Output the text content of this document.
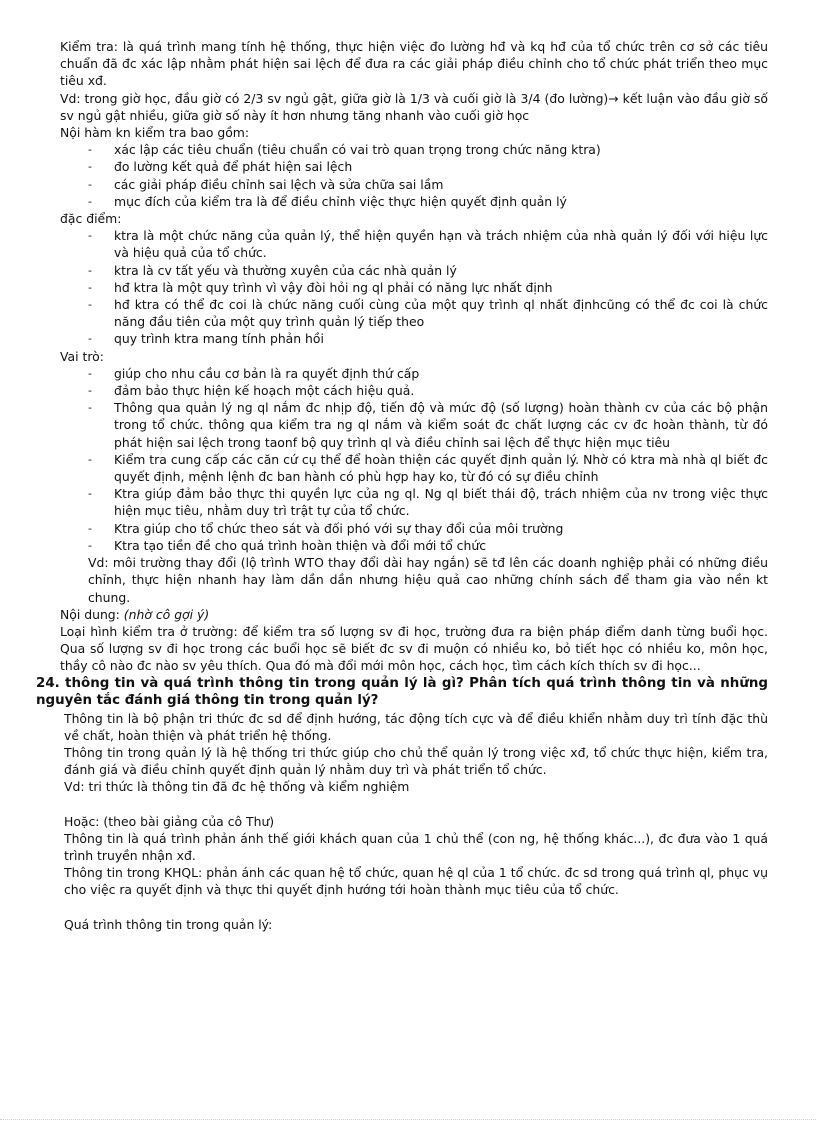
Kiểm tra: là quá trình mang tính hệ thống, thực hiện việc đo lường hđ và kq hđ của tổ chức trên cơ sở các tiêu chuẩn đã đc xác lập nhằm phát hiện sai lệch để đưa ra các giải pháp điều chỉnh cho tổ chức phát triển theo mục tiêu xđ.

Vd: trong giờ học, đầu giờ có 2/3 sv ngủ gật, giữa giờ là 1/3 và cuối giờ là 3/4 (đo lường)→ kết luận vào đầu giờ số sv ngủ gật nhiều, giữa giờ số này ít hơn nhưng tăng nhanh vào cuối giờ học

Nội hàm kn kiểm tra bao gồm:

- xác lập các tiêu chuẩn (tiêu chuẩn có vai trò quan trọng trong chức năng ktra)
- đo lường kết quả để phát hiện sai lệch
- các giải pháp điều chỉnh sai lệch và sửa chữa sai lầm
- mục đích của kiểm tra là để điều chỉnh việc thực hiện quyết định quản lý

đặc điểm:

- ktra là một chức năng của quản lý, thể hiện quyền hạn và trách nhiệm của nhà quản lý đối với hiệu lực và hiệu quả của tổ chức.
- ktra là cv tất yếu và thường xuyên của các nhà quản lý
- hđ ktra là một quy trình vì vậy đòi hỏi ng ql phải có năng lực nhất định
- hđ ktra có thể đc coi là chức năng cuối cùng của một quy trình ql nhất địnhcũng có thể đc coi là chức năng đầu tiên của một quy trình quản lý tiếp theo
- quy trình ktra mang tính phản hồi

Vai trò:

- giúp cho nhu cầu cơ bản là ra quyết định thứ cấp
- đảm bảo thực hiện kế hoạch một cách hiệu quả.
- Thông qua quản lý ng ql nắm đc nhịp độ, tiến độ và mức độ (số lượng) hoàn thành cv của các bộ phận trong tổ chức. thông qua kiểm tra ng ql nắm và kiểm soát đc chất lượng các cv đc hoàn thành, từ đó phát hiện sai lệch trong taonf bộ quy trình ql và điều chỉnh sai lệch để thực hiện mục tiêu
- Kiểm tra cung cấp các căn cứ cụ thể để hoàn thiện các quyết định quản lý. Nhờ có ktra mà nhà ql biết đc quyết định, mệnh lệnh đc ban hành có phù hợp hay ko, từ đó có sự điều chỉnh
- Ktra giúp đảm bảo thực thi quyền lực của ng ql. Ng ql biết thái độ, trách nhiệm của nv trong việc thực hiện mục tiêu, nhằm duy trì trật tự của tổ chức.
- Ktra giúp cho tổ chức theo sát và đối phó với sự thay đổi của môi trường
- Ktra tạo tiền đề cho quá trình hoàn thiện và đổi mới tổ chức

Vd: môi trường thay đổi (lộ trình WTO thay đổi dài hay ngắn) sẽ tđ lên các doanh nghiệp phải có những điều chỉnh, thực hiện nhanh hay làm dần dần nhưng hiệu quả cao những chính sách để tham gia vào nền kt chung.

Nội dung: (nhờ cô gợi ý)

Loại hình kiểm tra ở trường: để kiểm tra số lượng sv đi học, trường đưa ra biện pháp điểm danh từng buổi học. Qua số lượng sv đi học trong các buổi học sẽ biết đc sv đi muộn có nhiều ko, bỏ tiết học có nhiều ko, môn học, thầy cô nào đc nào sv yêu thích. Qua đó mà đổi mới môn học, cách học, tìm cách kích thích sv đi học...

24. thông tin và quá trình thông tin trong quản lý là gì? Phân tích quá trình thông tin và những nguyên tắc đánh giá thông tin trong quản lý?

Thông tin là bộ phận tri thức đc sd để định hướng, tác động tích cực và để điều khiển nhằm duy trì tính đặc thù về chất, hoàn thiện và phát triển hệ thống.

Thông tin trong quản lý là hệ thống tri thức giúp cho chủ thể quản lý trong việc xđ, tổ chức thực hiện, kiểm tra, đánh giá và điều chỉnh quyết định quản lý nhằm duy trì và phát triển tổ chức.

Vd: tri thức là thông tin đã đc hệ thống và kiểm nghiệm

Hoặc: (theo bài giảng của cô Thư)

Thông tin là quá trình phản ánh thế giới khách quan của 1 chủ thể (con ng, hệ thống khác...), đc đưa vào 1 quá trình truyền nhận xđ.

Thông tin trong KHQL: phản ánh các quan hệ tổ chức, quan hệ ql của 1 tổ chức. đc sd trong quá trình ql, phục vụ cho việc ra quyết định và thực thi quyết định hướng tới hoàn thành mục tiêu của tổ chức.

Quá trình thông tin trong quản lý:
